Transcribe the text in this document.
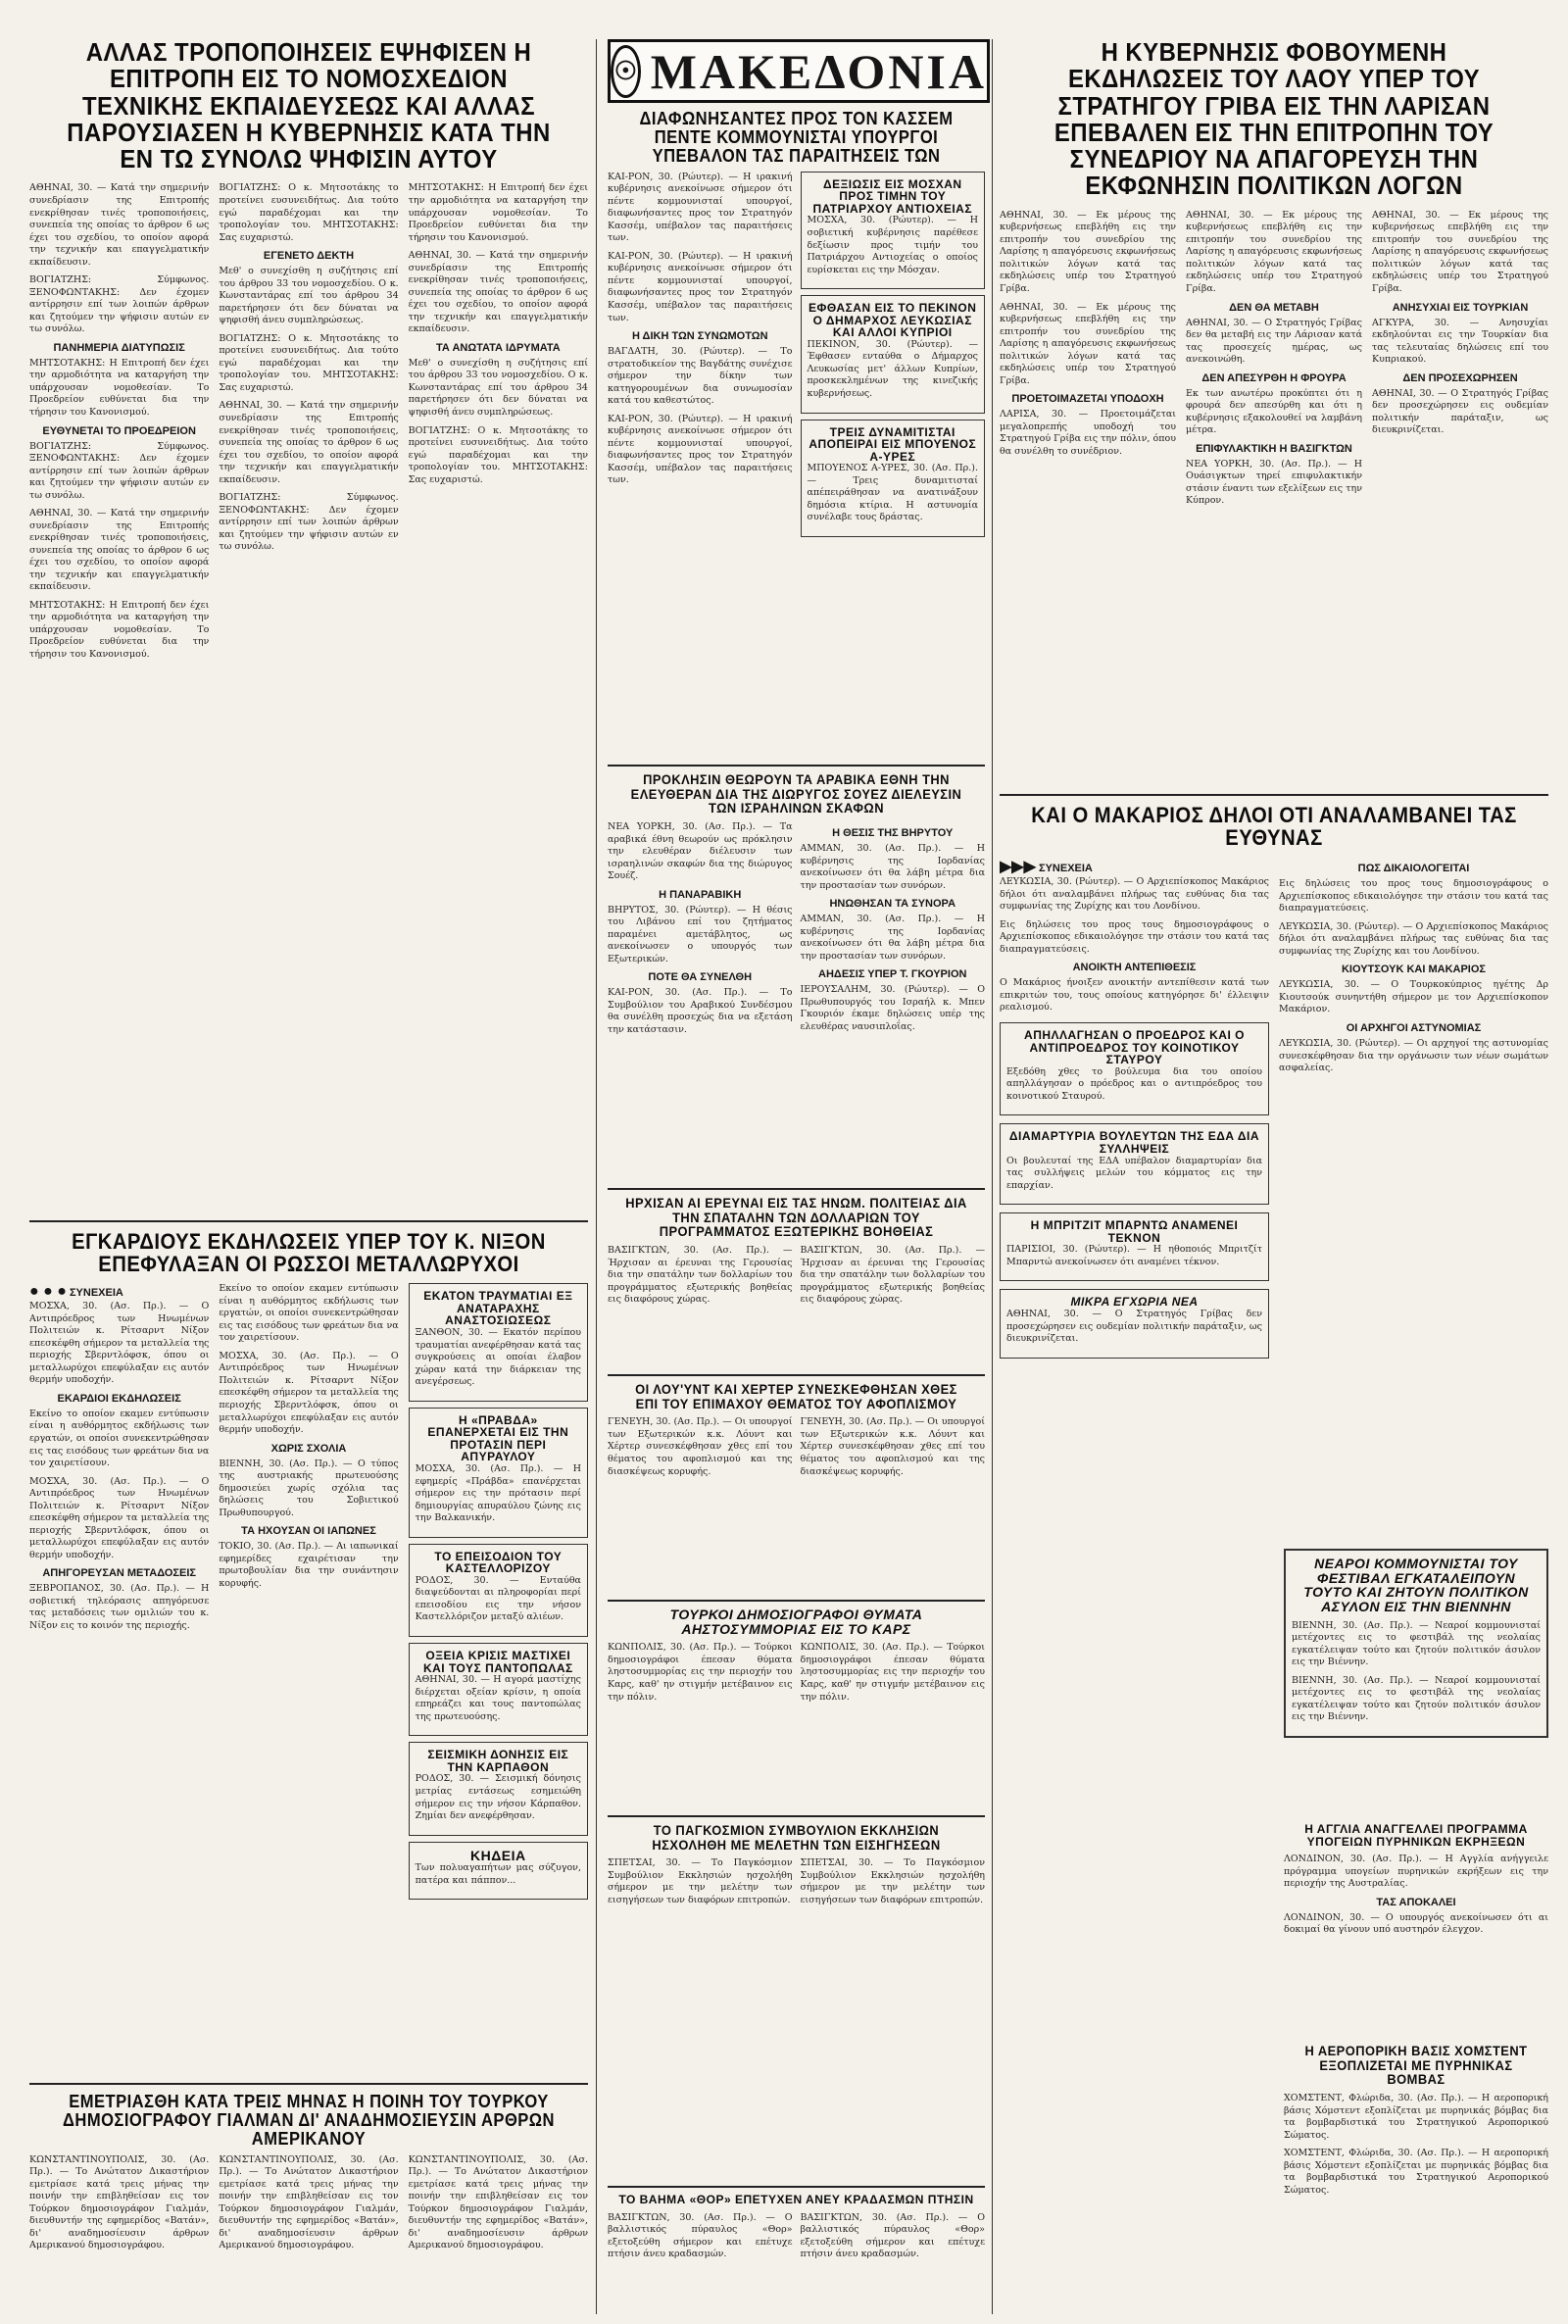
ΑΛΛΑΣ ΤΡΟΠΟΠΟΙΗΣΕΙΣ ΕΨΗΦΙΣΕΝ Η ΕΠΙΤΡΟΠΗ ΕΙΣ ΤΟ ΝΟΜΟΣΧΕΔΙΟΝ ΤΕΧΝΙΚΗΣ ΕΚΠΑΙΔΕΥΣΕΩΣ ΚΑΙ ΑΛΛΑΣ ΠΑΡΟΥΣΙΑΣΕΝ Η ΚΥΒΕΡΝΗΣΙΣ ΚΑΤΑ ΤΗΝ ΕΝ ΤΩ ΣΥΝΟΛΩ ΨΗΦΙΣΙΝ ΑΥΤΟΥ

ΑΘΗΝΑΙ, 30. — Κατά την σημερινήν συνεδρίασιν της Επιτροπής ενεκρίθησαν τινές τροποποιήσεις, συνεπεία της οποίας το άρθρον 6 ως έχει του σχεδίου, το οποίον αφορά την τεχνικήν και επαγγελματικήν εκπαίδευσιν.

ΒΟΓΙΑΤΖΗΣ: Σύμφωνος. ΞΕΝΟΦΩΝΤΑΚΗΣ: Δεν έχομεν αντίρρησιν επί των λοιπών άρθρων και ζητούμεν την ψήφισιν αυτών εν τω συνόλω.

ΠΑΝΗΜΕΡΙΑ ΔΙΑΤΥΠΩΣΙΣ

ΜΗΤΣΟΤΑΚΗΣ: Η Επιτροπή δεν έχει την αρμοδιότητα να καταργήση την υπάρχουσαν νομοθεσίαν. Το Προεδρείον ευθύνεται δια την τήρησιν του Κανονισμού.

ΕΥΘΥΝΕΤΑΙ ΤΟ ΠΡΟΕΔΡΕΙΟΝ

ΒΟΓΙΑΤΖΗΣ: Σύμφωνος. ΞΕΝΟΦΩΝΤΑΚΗΣ: Δεν έχομεν αντίρρησιν επί των λοιπών άρθρων και ζητούμεν την ψήφισιν αυτών εν τω συνόλω.

ΑΘΗΝΑΙ, 30. — Κατά την σημερινήν συνεδρίασιν της Επιτροπής ενεκρίθησαν τινές τροποποιήσεις, συνεπεία της οποίας το άρθρον 6 ως έχει του σχεδίου, το οποίον αφορά την τεχνικήν και επαγγελματικήν εκπαίδευσιν.

ΜΗΤΣΟΤΑΚΗΣ: Η Επιτροπή δεν έχει την αρμοδιότητα να καταργήση την υπάρχουσαν νομοθεσίαν. Το Προεδρείον ευθύνεται δια την τήρησιν του Κανονισμού.

ΒΟΓΙΑΤΖΗΣ: Ο κ. Μητσοτάκης το προτείνει ευσυνειδήτως. Δια τούτο εγώ παραδέχομαι και την τροπολογίαν του. ΜΗΤΣΟΤΑΚΗΣ: Σας ευχαριστώ.

ΕΓΕΝΕΤΟ ΔΕΚΤΗ

Μεθ' ο συνεχίσθη η συζήτησις επί του άρθρου 33 του νομοσχεδίου. Ο κ. Κωνσταντάρας επί του άρθρου 34 παρετήρησεν ότι δεν δύναται να ψηφισθή άνευ συμπληρώσεως.

ΒΟΓΙΑΤΖΗΣ: Ο κ. Μητσοτάκης το προτείνει ευσυνειδήτως. Δια τούτο εγώ παραδέχομαι και την τροπολογίαν του. ΜΗΤΣΟΤΑΚΗΣ: Σας ευχαριστώ.

ΑΘΗΝΑΙ, 30. — Κατά την σημερινήν συνεδρίασιν της Επιτροπής ενεκρίθησαν τινές τροποποιήσεις, συνεπεία της οποίας το άρθρον 6 ως έχει του σχεδίου, το οποίον αφορά την τεχνικήν και επαγγελματικήν εκπαίδευσιν.

ΒΟΓΙΑΤΖΗΣ: Σύμφωνος. ΞΕΝΟΦΩΝΤΑΚΗΣ: Δεν έχομεν αντίρρησιν επί των λοιπών άρθρων και ζητούμεν την ψήφισιν αυτών εν τω συνόλω.

ΜΗΤΣΟΤΑΚΗΣ: Η Επιτροπή δεν έχει την αρμοδιότητα να καταργήση την υπάρχουσαν νομοθεσίαν. Το Προεδρείον ευθύνεται δια την τήρησιν του Κανονισμού.

ΑΘΗΝΑΙ, 30. — Κατά την σημερινήν συνεδρίασιν της Επιτροπής ενεκρίθησαν τινές τροποποιήσεις, συνεπεία της οποίας το άρθρον 6 ως έχει του σχεδίου, το οποίον αφορά την τεχνικήν και επαγγελματικήν εκπαίδευσιν.

ΤΑ ΑΝΩΤΑΤΑ ΙΔΡΥΜΑΤΑ

Μεθ' ο συνεχίσθη η συζήτησις επί του άρθρου 33 του νομοσχεδίου. Ο κ. Κωνσταντάρας επί του άρθρου 34 παρετήρησεν ότι δεν δύναται να ψηφισθή άνευ συμπληρώσεως.

ΒΟΓΙΑΤΖΗΣ: Ο κ. Μητσοτάκης το προτείνει ευσυνειδήτως. Δια τούτο εγώ παραδέχομαι και την τροπολογίαν του. ΜΗΤΣΟΤΑΚΗΣ: Σας ευχαριστώ.

ΕΓΚΑΡΔΙΟΥΣ ΕΚΔΗΛΩΣΕΙΣ ΥΠΕΡ ΤΟΥ Κ. ΝΙΞΟΝ ΕΠΕΦΥΛΑΞΑΝ ΟΙ ΡΩΣΣΟΙ ΜΕΤΑΛΛΩΡΥΧΟΙ
● ● ● ΣΥΝΕΧΕΙΑ

ΜΟΣΧΑ, 30. (Ασ. Πρ.). — Ο Αντιπρόεδρος των Ηνωμένων Πολιτειών κ. Ρίτσαρντ Νίξον επεσκέφθη σήμερον τα μεταλλεία της περιοχής Σβερντλόφσκ, όπου οι μεταλλωρύχοι επεφύλαξαν εις αυτόν θερμήν υποδοχήν.

ΕΚΑΡΔΙΟΙ ΕΚΔΗΛΩΣΕΙΣ

Εκείνο το οποίον εκαμεν εντύπωσιν είναι η αυθόρμητος εκδήλωσις των εργατών, οι οποίοι συνεκεντρώθησαν εις τας εισόδους των φρεάτων δια να τον χαιρετίσουν.

ΜΟΣΧΑ, 30. (Ασ. Πρ.). — Ο Αντιπρόεδρος των Ηνωμένων Πολιτειών κ. Ρίτσαρντ Νίξον επεσκέφθη σήμερον τα μεταλλεία της περιοχής Σβερντλόφσκ, όπου οι μεταλλωρύχοι επεφύλαξαν εις αυτόν θερμήν υποδοχήν.

ΑΠΗΓΟΡΕΥΣΑΝ ΜΕΤΑΔΟΣΕΙΣ

ΞΕΒΡΟΠΑΝΟΣ, 30. (Ασ. Πρ.). — Η σοβιετική τηλεόρασις απηγόρευσε τας μεταδόσεις των ομιλιών του κ. Νίξον εις το κοινόν της περιοχής.

Εκείνο το οποίον εκαμεν εντύπωσιν είναι η αυθόρμητος εκδήλωσις των εργατών, οι οποίοι συνεκεντρώθησαν εις τας εισόδους των φρεάτων δια να τον χαιρετίσουν.

ΜΟΣΧΑ, 30. (Ασ. Πρ.). — Ο Αντιπρόεδρος των Ηνωμένων Πολιτειών κ. Ρίτσαρντ Νίξον επεσκέφθη σήμερον τα μεταλλεία της περιοχής Σβερντλόφσκ, όπου οι μεταλλωρύχοι επεφύλαξαν εις αυτόν θερμήν υποδοχήν.

ΧΩΡΙΣ ΣΧΟΛΙΑ

ΒΙΕΝΝΗ, 30. (Ασ. Πρ.). — Ο τύπος της αυστριακής πρωτευούσης δημοσιεύει χωρίς σχόλια τας δηλώσεις του Σοβιετικού Πρωθυπουργού.

ΤΑ ΗΧΟΥΣΑΝ ΟΙ ΙΑΠΩΝΕΣ

ΤΟΚΙΟ, 30. (Ασ. Πρ.). — Αι ιαπωνικαί εφημερίδες εχαιρέτισαν την πρωτοβουλίαν δια την συνάντησιν κορυφής.

ΕΚΑΤΟΝ ΤΡΑΥΜΑΤΙΑΙ ΕΞ ΑΝΑΤΑΡΑΧΗΣ ΑΝΑΣΤΟΣΙΩΣΕΩΣ

ΞΑΝΘΟΝ, 30. — Εκατόν περίπου τραυματίαι ανεφέρθησαν κατά τας συγκρούσεις αι οποίαι έλαβον χώραν κατά την διάρκειαν της ανεγέρσεως.

Η «ΠΡΑΒΔΑ» ΕΠΑΝΕΡΧΕΤΑΙ ΕΙΣ ΤΗΝ ΠΡΟΤΑΣΙΝ ΠΕΡΙ ΑΠΥΡΑΥΛΟΥ

ΜΟΣΧΑ, 30. (Ασ. Πρ.). — Η εφημερίς «Πράβδα» επανέρχεται σήμερον εις την πρότασιν περί δημιουργίας απυραύλου ζώνης εις την Βαλκανικήν.

ΤΟ ΕΠΕΙΣΟΔΙΟΝ ΤΟΥ ΚΑΣΤΕΛΛΟΡΙΖΟΥ

ΡΟΔΟΣ, 30. — Ενταύθα διαψεύδονται αι πληροφορίαι περί επεισοδίου εις την νήσον Καστελλόριζον μεταξύ αλιέων.

ΟΞΕΙΑ ΚΡΙΣΙΣ ΜΑΣΤΙΧΕΙ ΚΑΙ ΤΟΥΣ ΠΑΝΤΟΠΩΛΑΣ

ΑΘΗΝΑΙ, 30. — Η αγορά μαστίχης διέρχεται οξείαν κρίσιν, η οποία επηρεάζει και τους παντοπώλας της πρωτευούσης.

ΣΕΙΣΜΙΚΗ ΔΟΝΗΣΙΣ ΕΙΣ ΤΗΝ ΚΑΡΠΑΘΟΝ

ΡΟΔΟΣ, 30. — Σεισμική δόνησις μετρίας εντάσεως εσημειώθη σήμερον εις την νήσον Κάρπαθον. Ζημίαι δεν ανεφέρθησαν.

ΚΗΔΕΙΑ

Των πολυαγαπήτων μας σύζυγον, πατέρα και πάππον...

ΕΜΕΤΡΙΑΣΘΗ ΚΑΤΑ ΤΡΕΙΣ ΜΗΝΑΣ Η ΠΟΙΝΗ ΤΟΥ ΤΟΥΡΚΟΥ ΔΗΜΟΣΙΟΓΡΑΦΟΥ ΓΙΑΛΜΑΝ ΔΙ' ΑΝΑΔΗΜΟΣΙΕΥΣΙΝ ΑΡΘΡΩΝ ΑΜΕΡΙΚΑΝΟΥ

ΚΩΝΣΤΑΝΤΙΝΟΥΠΟΛΙΣ, 30. (Ασ. Πρ.). — Το Ανώτατον Δικαστήριον εμετρίασε κατά τρεις μήνας την ποινήν την επιβληθείσαν εις τον Τούρκον δημοσιογράφον Γιαλμάν, διευθυντήν της εφημερίδος «Βατάν», δι' αναδημοσίευσιν άρθρων Αμερικανού δημοσιογράφου.

ΚΩΝΣΤΑΝΤΙΝΟΥΠΟΛΙΣ, 30. (Ασ. Πρ.). — Το Ανώτατον Δικαστήριον εμετρίασε κατά τρεις μήνας την ποινήν την επιβληθείσαν εις τον Τούρκον δημοσιογράφον Γιαλμάν, διευθυντήν της εφημερίδος «Βατάν», δι' αναδημοσίευσιν άρθρων Αμερικανού δημοσιογράφου.

ΚΩΝΣΤΑΝΤΙΝΟΥΠΟΛΙΣ, 30. (Ασ. Πρ.). — Το Ανώτατον Δικαστήριον εμετρίασε κατά τρεις μήνας την ποινήν την επιβληθείσαν εις τον Τούρκον δημοσιογράφον Γιαλμάν, διευθυντήν της εφημερίδος «Βατάν», δι' αναδημοσίευσιν άρθρων Αμερικανού δημοσιογράφου.

☉ ΜΑΚΕΔΟΝΙΑ
ΔΙΑΦΩΝΗΣΑΝΤΕΣ ΠΡΟΣ ΤΟΝ ΚΑΣΣΕΜ ΠΕΝΤΕ ΚΟΜΜΟΥΝΙΣΤΑΙ ΥΠΟΥΡΓΟΙ ΥΠΕΒΑΛΟΝ ΤΑΣ ΠΑΡΑΙΤΗΣΕΙΣ ΤΩΝ

ΚΑΙ-ΡΟΝ, 30. (Ρώυτερ). — Η ιρακινή κυβέρνησις ανεκοίνωσε σήμερον ότι πέντε κομμουνισταί υπουργοί, διαφωνήσαντες προς τον Στρατηγόν Κασσέμ, υπέβαλον τας παραιτήσεις των.

ΚΑΙ-ΡΟΝ, 30. (Ρώυτερ). — Η ιρακινή κυβέρνησις ανεκοίνωσε σήμερον ότι πέντε κομμουνισταί υπουργοί, διαφωνήσαντες προς τον Στρατηγόν Κασσέμ, υπέβαλον τας παραιτήσεις των.

Η ΔΙΚΗ ΤΩΝ ΣΥΝΩΜΟΤΩΝ

ΒΑΓΔΑΤΗ, 30. (Ρώυτερ). — Το στρατοδικείον της Βαγδάτης συνέχισε σήμερον την δίκην των κατηγορουμένων δια συνωμοσίαν κατά του καθεστώτος.

ΚΑΙ-ΡΟΝ, 30. (Ρώυτερ). — Η ιρακινή κυβέρνησις ανεκοίνωσε σήμερον ότι πέντε κομμουνισταί υπουργοί, διαφωνήσαντες προς τον Στρατηγόν Κασσέμ, υπέβαλον τας παραιτήσεις των.

ΔΕΞΙΩΣΙΣ ΕΙΣ ΜΟΣΧΑΝ ΠΡΟΣ ΤΙΜΗΝ ΤΟΥ ΠΑΤΡΙΑΡΧΟΥ ΑΝΤΙΟΧΕΙΑΣ

ΜΟΣΧΑ, 30. (Ρώυτερ). — Η σοβιετική κυβέρνησις παρέθεσε δεξίωσιν προς τιμήν του Πατριάρχου Αντιοχείας ο οποίος ευρίσκεται εις την Μόσχαν.

ΕΦΘΑΣΑΝ ΕΙΣ ΤΟ ΠΕΚΙΝΟΝ Ο ΔΗΜΑΡΧΟΣ ΛΕΥΚΩΣΙΑΣ ΚΑΙ ΑΛΛΟΙ ΚΥΠΡΙΟΙ

ΠΕΚΙΝΟΝ, 30. (Ρώυτερ). — Έφθασεν ενταύθα ο Δήμαρχος Λευκωσίας μετ' άλλων Κυπρίων, προσκεκλημένων της κινεζικής κυβερνήσεως.

ΤΡΕΙΣ ΔΥΝΑΜΙΤΙΣΤΑΙ ΑΠΟΠΕΙΡΑΙ ΕΙΣ ΜΠΟΥΕΝΟΣ Α-ΥΡΕΣ

ΜΠΟΥΕΝΟΣ Α-ΥΡΕΣ, 30. (Ασ. Πρ.). — Τρεις δυναμιτισταί απέπειράθησαν να ανατινάξουν δημόσια κτίρια. Η αστυνομία συνέλαβε τους δράστας.

ΠΡΟΚΛΗΣΙΝ ΘΕΩΡΟΥΝ ΤΑ ΑΡΑΒΙΚΑ ΕΘΝΗ ΤΗΝ ΕΛΕΥΘΕΡΑΝ ΔΙΑ ΤΗΣ ΔΙΩΡΥΓΟΣ ΣΟΥΕΖ ΔΙΕΛΕΥΣΙΝ ΤΩΝ ΙΣΡΑΗΛΙΝΩΝ ΣΚΑΦΩΝ

ΝΕΑ ΥΟΡΚΗ, 30. (Ασ. Πρ.). — Τα αραβικά έθνη θεωρούν ως πρόκλησιν την ελευθέραν διέλευσιν των ισραηλινών σκαφών δια της διώρυγος Σουέζ.

Η ΠΑΝΑΡΑΒΙΚΗ

ΒΗΡΥΤΟΣ, 30. (Ρώυτερ). — Η θέσις του Λιβάνου επί του ζητήματος παραμένει αμετάβλητος, ως ανεκοίνωσεν ο υπουργός των Εξωτερικών.

ΠΟΤΕ ΘΑ ΣΥΝΕΛΘΗ

ΚΑΙ-ΡΟΝ, 30. (Ασ. Πρ.). — Το Συμβούλιον του Αραβικού Συνδέσμου θα συνέλθη προσεχώς δια να εξετάση την κατάστασιν.

Η ΘΕΣΙΣ ΤΗΣ ΒΗΡΥΤΟΥ

ΑΜΜΑΝ, 30. (Ασ. Πρ.). — Η κυβέρνησις της Ιορδανίας ανεκοίνωσεν ότι θα λάβη μέτρα δια την προστασίαν των συνόρων.

ΗΝΩΘΗΣΑΝ ΤΑ ΣΥΝΟΡΑ

ΑΜΜΑΝ, 30. (Ασ. Πρ.). — Η κυβέρνησις της Ιορδανίας ανεκοίνωσεν ότι θα λάβη μέτρα δια την προστασίαν των συνόρων.

ΑΗΔΕΣΙΣ ΥΠΕΡ Τ. ΓΚΟΥΡΙΟΝ

ΙΕΡΟΥΣΑΛΗΜ, 30. (Ρώυτερ). — Ο Πρωθυπουργός του Ισραήλ κ. Μπεν Γκουριόν έκαμε δηλώσεις υπέρ της ελευθέρας ναυσιπλοΐας.

ΗΡΧΙΣΑΝ ΑΙ ΕΡΕΥΝΑΙ ΕΙΣ ΤΑΣ ΗΝΩΜ. ΠΟΛΙΤΕΙΑΣ ΔΙΑ ΤΗΝ ΣΠΑΤΑΛΗΝ ΤΩΝ ΔΟΛΛΑΡΙΩΝ ΤΟΥ ΠΡΟΓΡΑΜΜΑΤΟΣ ΕΞΩΤΕΡΙΚΗΣ ΒΟΗΘΕΙΑΣ

ΒΑΣΙΓΚΤΩΝ, 30. (Ασ. Πρ.). — Ήρχισαν αι έρευναι της Γερουσίας δια την σπατάλην των δολλαρίων του προγράμματος εξωτερικής βοηθείας εις διαφόρους χώρας.

ΒΑΣΙΓΚΤΩΝ, 30. (Ασ. Πρ.). — Ήρχισαν αι έρευναι της Γερουσίας δια την σπατάλην των δολλαρίων του προγράμματος εξωτερικής βοηθείας εις διαφόρους χώρας.

ΟΙ ΛΟΥ'ΥΝΤ ΚΑΙ ΧΕΡΤΕΡ ΣΥΝΕΣΚΕΦΘΗΣΑΝ ΧΘΕΣ ΕΠΙ ΤΟΥ ΕΠΙΜΑΧΟΥ ΘΕΜΑΤΟΣ ΤΟΥ ΑΦΟΠΛΙΣΜΟΥ

ΓΕΝΕΥΗ, 30. (Ασ. Πρ.). — Οι υπουργοί των Εξωτερικών κ.κ. Λόυντ και Χέρτερ συνεσκέφθησαν χθες επί του θέματος του αφοπλισμού και της διασκέψεως κορυφής.

ΓΕΝΕΥΗ, 30. (Ασ. Πρ.). — Οι υπουργοί των Εξωτερικών κ.κ. Λόυντ και Χέρτερ συνεσκέφθησαν χθες επί του θέματος του αφοπλισμού και της διασκέψεως κορυφής.

ΤΟΥΡΚΟΙ ΔΗΜΟΣΙΟΓΡΑΦΟΙ ΘΥΜΑΤΑ ΑΗΣΤΟΣΥΜΜΟΡΙΑΣ ΕΙΣ ΤΟ ΚΑΡΣ

ΚΩΝΠΟΛΙΣ, 30. (Ασ. Πρ.). — Τούρκοι δημοσιογράφοι έπεσαν θύματα ληστοσυμμορίας εις την περιοχήν του Καρς, καθ' ην στιγμήν μετέβαινον εις την πόλιν.

ΚΩΝΠΟΛΙΣ, 30. (Ασ. Πρ.). — Τούρκοι δημοσιογράφοι έπεσαν θύματα ληστοσυμμορίας εις την περιοχήν του Καρς, καθ' ην στιγμήν μετέβαινον εις την πόλιν.

ΤΟ ΠΑΓΚΟΣΜΙΟΝ ΣΥΜΒΟΥΛΙΟΝ ΕΚΚΛΗΣΙΩΝ ΗΣΧΟΛΗΘΗ ΜΕ ΜΕΛΕΤΗΝ ΤΩΝ ΕΙΣΗΓΗΣΕΩΝ

ΣΠΕΤΣΑΙ, 30. — Το Παγκόσμιον Συμβούλιον Εκκλησιών ησχολήθη σήμερον με την μελέτην των εισηγήσεων των διαφόρων επιτροπών.

ΣΠΕΤΣΑΙ, 30. — Το Παγκόσμιον Συμβούλιον Εκκλησιών ησχολήθη σήμερον με την μελέτην των εισηγήσεων των διαφόρων επιτροπών.

ΤΟ ΒΑΗΜΑ «ΘΟΡ» ΕΠΕΤΥΧΕΝ ΑΝΕΥ ΚΡΑΔΑΣΜΩΝ ΠΤΗΣΙΝ

ΒΑΣΙΓΚΤΩΝ, 30. (Ασ. Πρ.). — Ο βαλλιστικός πύραυλος «Θορ» εξετοξεύθη σήμερον και επέτυχε πτήσιν άνευ κραδασμών.

ΒΑΣΙΓΚΤΩΝ, 30. (Ασ. Πρ.). — Ο βαλλιστικός πύραυλος «Θορ» εξετοξεύθη σήμερον και επέτυχε πτήσιν άνευ κραδασμών.

Η ΚΥΒΕΡΝΗΣΙΣ ΦΟΒΟΥΜΕΝΗ ΕΚΔΗΛΩΣΕΙΣ ΤΟΥ ΛΑΟΥ ΥΠΕΡ ΤΟΥ ΣΤΡΑΤΗΓΟΥ ΓΡΙΒΑ ΕΙΣ ΤΗΝ ΛΑΡΙΣΑΝ ΕΠΕΒΑΛΕΝ ΕΙΣ ΤΗΝ ΕΠΙΤΡΟΠΗΝ ΤΟΥ ΣΥΝΕΔΡΙΟΥ ΝΑ ΑΠΑΓΟΡΕΥΣΗ ΤΗΝ ΕΚΦΩΝΗΣΙΝ ΠΟΛΙΤΙΚΩΝ ΛΟΓΩΝ

ΑΘΗΝΑΙ, 30. — Εκ μέρους της κυβερνήσεως επεβλήθη εις την επιτροπήν του συνεδρίου της Λαρίσης η απαγόρευσις εκφωνήσεως πολιτικών λόγων κατά τας εκδηλώσεις υπέρ του Στρατηγού Γρίβα.

ΑΘΗΝΑΙ, 30. — Εκ μέρους της κυβερνήσεως επεβλήθη εις την επιτροπήν του συνεδρίου της Λαρίσης η απαγόρευσις εκφωνήσεως πολιτικών λόγων κατά τας εκδηλώσεις υπέρ του Στρατηγού Γρίβα.

ΠΡΟΕΤΟΙΜΑΖΕΤΑΙ ΥΠΟΔΟΧΗ

ΛΑΡΙΣΑ, 30. — Προετοιμάζεται μεγαλοπρεπής υποδοχή του Στρατηγού Γρίβα εις την πόλιν, όπου θα συνέλθη το συνέδριον.

ΑΘΗΝΑΙ, 30. — Εκ μέρους της κυβερνήσεως επεβλήθη εις την επιτροπήν του συνεδρίου της Λαρίσης η απαγόρευσις εκφωνήσεως πολιτικών λόγων κατά τας εκδηλώσεις υπέρ του Στρατηγού Γρίβα.

ΔΕΝ ΘΑ ΜΕΤΑΒΗ

ΑΘΗΝΑΙ, 30. — Ο Στρατηγός Γρίβας δεν θα μεταβή εις την Λάρισαν κατά τας προσεχείς ημέρας, ως ανεκοινώθη.

ΔΕΝ ΑΠΕΣΥΡΘΗ Η ΦΡΟΥΡΑ

Εκ των ανωτέρω προκύπτει ότι η φρουρά δεν απεσύρθη και ότι η κυβέρνησις εξακολουθεί να λαμβάνη μέτρα.

ΕΠΙΦΥΛΑΚΤΙΚΗ Η ΒΑΣΙΓΚΤΩΝ

ΝΕΑ ΥΟΡΚΗ, 30. (Ασ. Πρ.). — Η Ουάσιγκτων τηρεί επιφυλακτικήν στάσιν έναντι των εξελίξεων εις την Κύπρον.

ΑΘΗΝΑΙ, 30. — Εκ μέρους της κυβερνήσεως επεβλήθη εις την επιτροπήν του συνεδρίου της Λαρίσης η απαγόρευσις εκφωνήσεως πολιτικών λόγων κατά τας εκδηλώσεις υπέρ του Στρατηγού Γρίβα.

ΑΝΗΣΥΧΙΑΙ ΕΙΣ ΤΟΥΡΚΙΑΝ

ΑΓΚΥΡΑ, 30. — Ανησυχίαι εκδηλούνται εις την Τουρκίαν δια τας τελευταίας δηλώσεις επί του Κυπριακού.

ΔΕΝ ΠΡΟΣΕΧΩΡΗΣΕΝ

ΑΘΗΝΑΙ, 30. — Ο Στρατηγός Γρίβας δεν προσεχώρησεν εις ουδεμίαν πολιτικήν παράταξιν, ως διευκρινίζεται.

ΚΑΙ Ο ΜΑΚΑΡΙΟΣ ΔΗΛΟΙ ΟΤΙ ΑΝΑΛΑΜΒΑΝΕΙ ΤΑΣ ΕΥΘΥΝΑΣ
▶▶▶ ΣΥΝΕΧΕΙΑ

ΛΕΥΚΩΣΙΑ, 30. (Ρώυτερ). — Ο Αρχιεπίσκοπος Μακάριος δήλοι ότι αναλαμβάνει πλήρως τας ευθύνας δια τας συμφωνίας της Ζυρίχης και του Λονδίνου.

Εις δηλώσεις του προς τους δημοσιογράφους ο Αρχιεπίσκοπος εδικαιολόγησε την στάσιν του κατά τας διαπραγματεύσεις.

ΑΝΟΙΚΤΗ ΑΝΤΕΠΙΘΕΣΙΣ

Ο Μακάριος ήνοιξεν ανοικτήν αντεπίθεσιν κατά των επικριτών του, τους οποίους κατηγόρησε δι' έλλειψιν ρεαλισμού.

ΑΠΗΛΛΑΓΗΣΑΝ Ο ΠΡΟΕΔΡΟΣ ΚΑΙ Ο ΑΝΤΙΠΡΟΕΔΡΟΣ ΤΟΥ ΚΟΙΝΟΤΙΚΟΥ ΣΤΑΥΡΟΥ

Εξεδόθη χθες το βούλευμα δια του οποίου απηλλάγησαν ο πρόεδρος και ο αντιπρόεδρος του κοινοτικού Σταυρού.

ΔΙΑΜΑΡΤΥΡΙΑ ΒΟΥΛΕΥΤΩΝ ΤΗΣ ΕΔΑ ΔΙΑ ΣΥΛΛΗΨΕΙΣ

Οι βουλευταί της ΕΔΑ υπέβαλον διαμαρτυρίαν δια τας συλλήψεις μελών του κόμματος εις την επαρχίαν.

Η ΜΠΡΙΤΖΙΤ ΜΠΑΡΝΤΩ ΑΝΑΜΕΝΕΙ ΤΕΚΝΟΝ

ΠΑΡΙΣΙΟΙ, 30. (Ρώυτερ). — Η ηθοποιός Μπριτζίτ Μπαρντώ ανεκοίνωσεν ότι αναμένει τέκνον.

ΜΙΚΡΑ ΕΓΧΩΡΙΑ ΝΕΑ

ΑΘΗΝΑΙ, 30. — Ο Στρατηγός Γρίβας δεν προσεχώρησεν εις ουδεμίαν πολιτικήν παράταξιν, ως διευκρινίζεται.

ΠΩΣ ΔΙΚΑΙΟΛΟΓΕΙΤΑΙ

Εις δηλώσεις του προς τους δημοσιογράφους ο Αρχιεπίσκοπος εδικαιολόγησε την στάσιν του κατά τας διαπραγματεύσεις.

ΛΕΥΚΩΣΙΑ, 30. (Ρώυτερ). — Ο Αρχιεπίσκοπος Μακάριος δήλοι ότι αναλαμβάνει πλήρως τας ευθύνας δια τας συμφωνίας της Ζυρίχης και του Λονδίνου.

ΚΙΟΥΤΣΟΥΚ ΚΑΙ ΜΑΚΑΡΙΟΣ

ΛΕΥΚΩΣΙΑ, 30. — Ο Τουρκοκύπριος ηγέτης Δρ Κιουτσούκ συνηντήθη σήμερον με τον Αρχιεπίσκοπον Μακάριον.

ΟΙ ΑΡΧΗΓΟΙ ΑΣΤΥΝΟΜΙΑΣ

ΛΕΥΚΩΣΙΑ, 30. (Ρώυτερ). — Οι αρχηγοί της αστυνομίας συνεσκέφθησαν δια την οργάνωσιν των νέων σωμάτων ασφαλείας.

ΝΕΑΡΟΙ ΚΟΜΜΟΥΝΙΣΤΑΙ ΤΟΥ ΦΕΣΤΙΒΑΛ ΕΓΚΑΤΑΛΕΙΠΟΥΝ ΤΟΥΤΟ ΚΑΙ ΖΗΤΟΥΝ ΠΟΛΙΤΙΚΟΝ ΑΣΥΛΟΝ ΕΙΣ ΤΗΝ ΒΙΕΝΝΗΝ

ΒΙΕΝΝΗ, 30. (Ασ. Πρ.). — Νεαροί κομμουνισταί μετέχοντες εις το φεστιβάλ της νεολαίας εγκατέλειψαν τούτο και ζητούν πολιτικόν άσυλον εις την Βιέννην.

ΒΙΕΝΝΗ, 30. (Ασ. Πρ.). — Νεαροί κομμουνισταί μετέχοντες εις το φεστιβάλ της νεολαίας εγκατέλειψαν τούτο και ζητούν πολιτικόν άσυλον εις την Βιέννην.

Η ΑΓΓΛΙΑ ΑΝΑΓΓΕΛΛΕΙ ΠΡΟΓΡΑΜΜΑ ΥΠΟΓΕΙΩΝ ΠΥΡΗΝΙΚΩΝ ΕΚΡΗΞΕΩΝ

ΛΟΝΔΙΝΟΝ, 30. (Ασ. Πρ.). — Η Αγγλία ανήγγειλε πρόγραμμα υπογείων πυρηνικών εκρήξεων εις την περιοχήν της Αυστραλίας.

ΤΑΣ ΑΠΟΚΑΛΕΙ

ΛΟΝΔΙΝΟΝ, 30. — Ο υπουργός ανεκοίνωσεν ότι αι δοκιμαί θα γίνουν υπό αυστηρόν έλεγχον.

Η ΑΕΡΟΠΟΡΙΚΗ ΒΑΣΙΣ ΧΟΜΣΤΕΝΤ ΕΞΟΠΛΙΖΕΤΑΙ ΜΕ ΠΥΡΗΝΙΚΑΣ ΒΟΜΒΑΣ

ΧΟΜΣΤΕΝΤ, Φλώριδα, 30. (Ασ. Πρ.). — Η αεροπορική βάσις Χόμστεντ εξοπλίζεται με πυρηνικάς βόμβας δια τα βομβαρδιστικά του Στρατηγικού Αεροπορικού Σώματος.

ΧΟΜΣΤΕΝΤ, Φλώριδα, 30. (Ασ. Πρ.). — Η αεροπορική βάσις Χόμστεντ εξοπλίζεται με πυρηνικάς βόμβας δια τα βομβαρδιστικά του Στρατηγικού Αεροπορικού Σώματος.
